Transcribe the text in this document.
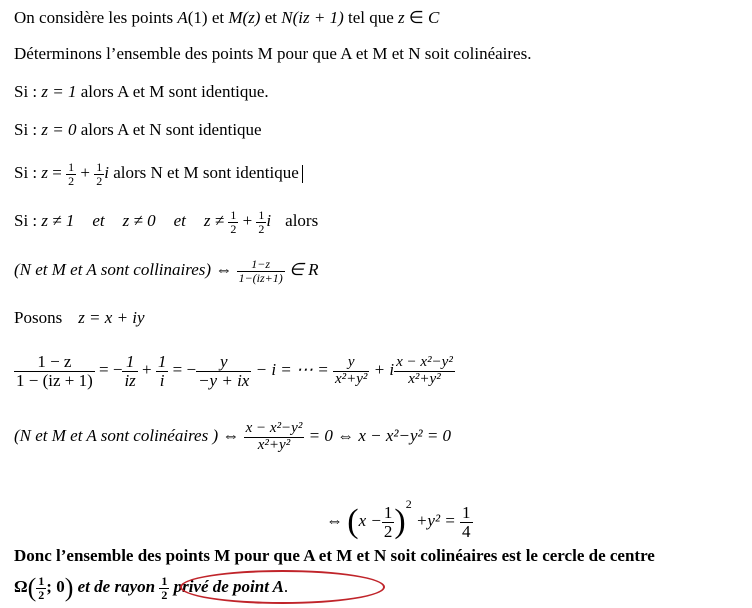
On considère les points A(1) et M(z) et N(iz + 1) tel que z ∈ C
Déterminons l’ensemble des points M pour que A et M et N soit colinéaires.
Si : z = 1 alors A et M sont identique.
Si : z = 0 alors A et N sont identique
Si : $z = \frac{1}{2} + \frac{1}{2}$ i alors N et M sont identique
Si : z ≠ 1 et z ≠ 0 et $z \ne \frac{1}{2} + \frac{1}{2}$ i alors
(N et M et A sont collinaires) ⇔ $\frac{1-z}{1-(iz+1)}$ ∈ R
Posons z = x + iy
$\frac{1 - z}{1 - (iz + 1)}$ = − $\frac{1}{iz} + \frac{1}{i}$ = − $\frac{y}{-y + ix} - i$ = ⋯ = $\frac{y}{\text{x²+y²}} + i \frac{\text{x − x²−y²}}{\text{x²+y²}}$
(N et M et A sont colinéaires ) ⇔ $\frac{\text{x − x²−y²}}{\text{x²+y²}} = 0$ ⇔ x − x²−y² = 0
⇔ $(x - \frac{1}{2} )^2 +y^2 = \frac{1}{4}$
Donc l’ensemble des points M pour que A et M et N soit colinéaires est le cercle de centre
$\Omega( \frac{1}{2}$ ; 0) et de rayon $\frac{1}{2}$ privé de point A.
